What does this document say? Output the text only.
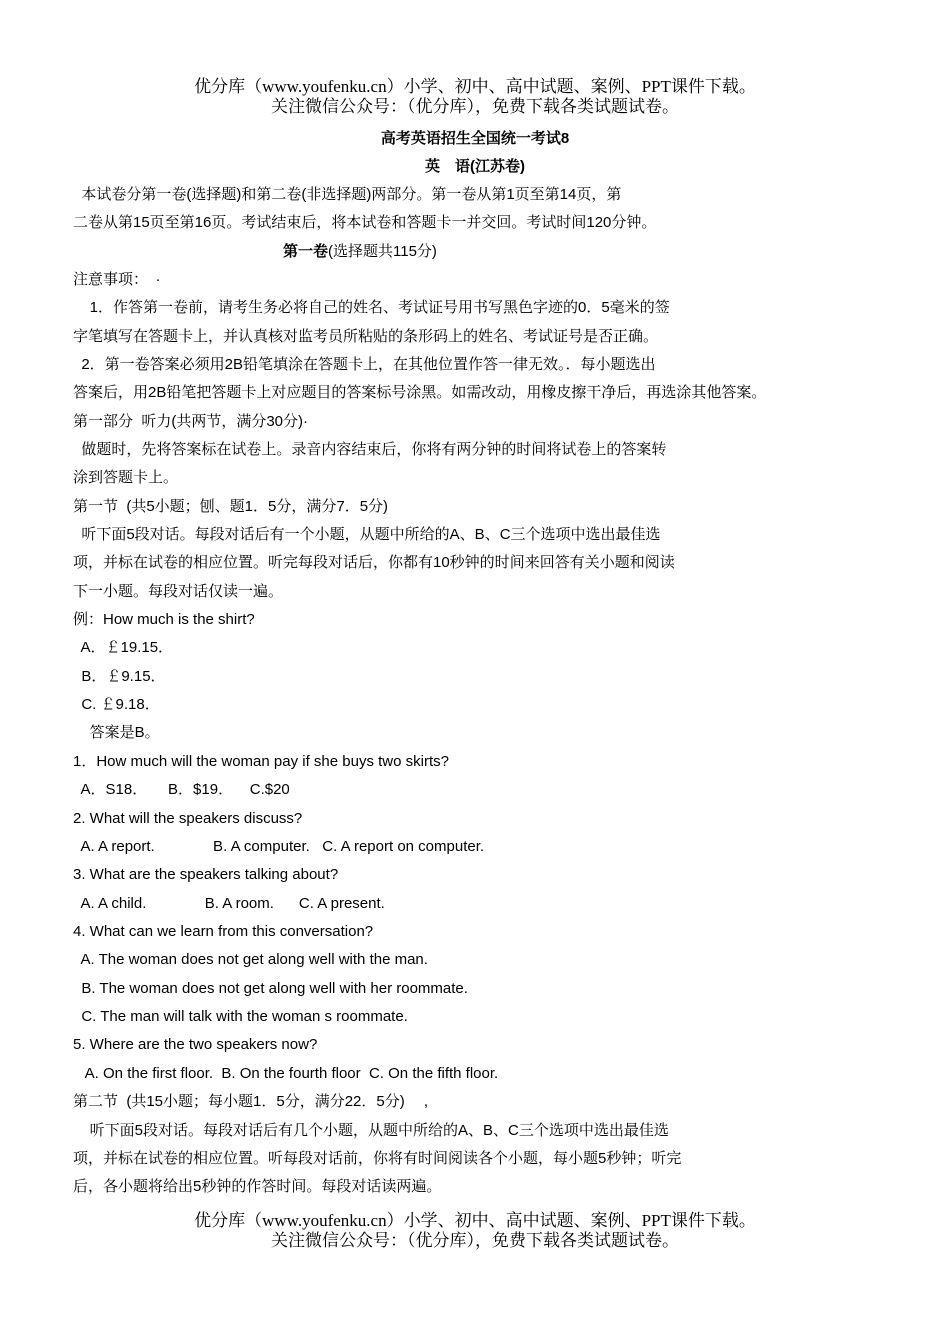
优分库（www.youfenku.cn）小学、初中、高中试题、案例、PPT课件下载。
关注微信公众号：（优分库），免费下载各类试题试卷。
高考英语招生全国统一考试8
英　语(江苏卷)
本试卷分第一卷(选择题)和第二卷(非选择题)两部分。第一卷从第1页至第14页，第
二卷从第15页至第16页。考试结束后，将本试卷和答题卡一并交回。考试时间120分钟。
第一卷(选择题共115分)
注意事项：　·
1．作答第一卷前，请考生务必将自己的姓名、考试证号用书写黑色字迹的0．5毫米的签
字笔填写在答题卡上，并认真核对监考员所粘贴的条形码上的姓名、考试证号是否正确。
2．第一卷答案必须用2B铅笔填涂在答题卡上，在其他位置作答一律无效。．每小题选出
答案后，用2B铅笔把答题卡上对应题目的答案标号涂黑。如需改动，用橡皮擦干净后，再选涂其他答案。
第一部分  听力(共两节，满分30分)·
做题时，先将答案标在试卷上。录音内容结束后，你将有两分钟的时间将试卷上的答案转
涂到答题卡上。
第一节  (共5小题；刨、题1．5分，满分7．5分)
听下面5段对话。每段对话后有一个小题，从题中所给的A、B、C三个选项中选出最佳选
项，并标在试卷的相应位置。听完每段对话后，你都有10秒钟的时间来回答有关小题和阅读
下一小题。每段对话仅读一遍。
例：How much is the shirt?
A．￡19.15．
B．￡9.15．
C. ￡9.18．
答案是B。
1．How much will the woman pay if she buys two skirts?
A．S18．     B．$19．    C.$20
2. What will the speakers discuss?
A. A report.              B. A computer.   C. A report on computer.
3. What are the speakers talking about?
A. A child.              B. A room.      C. A present.
4. What can we learn from this conversation?
A. The woman does not get along well with the man.
B. The woman does not get along well with her roommate.
C. The man will talk with the woman s roommate.
5. Where are the two speakers now?
A. On the first floor.  B. On the fourth floor  C. On the fifth floor.
第二节  (共15小题；每小题1．5分，满分22．5分)　 ,
听下面5段对话。每段对话后有几个小题，从题中所给的A、B、C三个选项中选出最佳选
项，并标在试卷的相应位置。听每段对话前，你将有时间阅读各个小题，每小题5秒钟；听完
后，各小题将给出5秒钟的作答时间。每段对话读两遍。
优分库（www.youfenku.cn）小学、初中、高中试题、案例、PPT课件下载。
关注微信公众号：（优分库），免费下载各类试题试卷。
